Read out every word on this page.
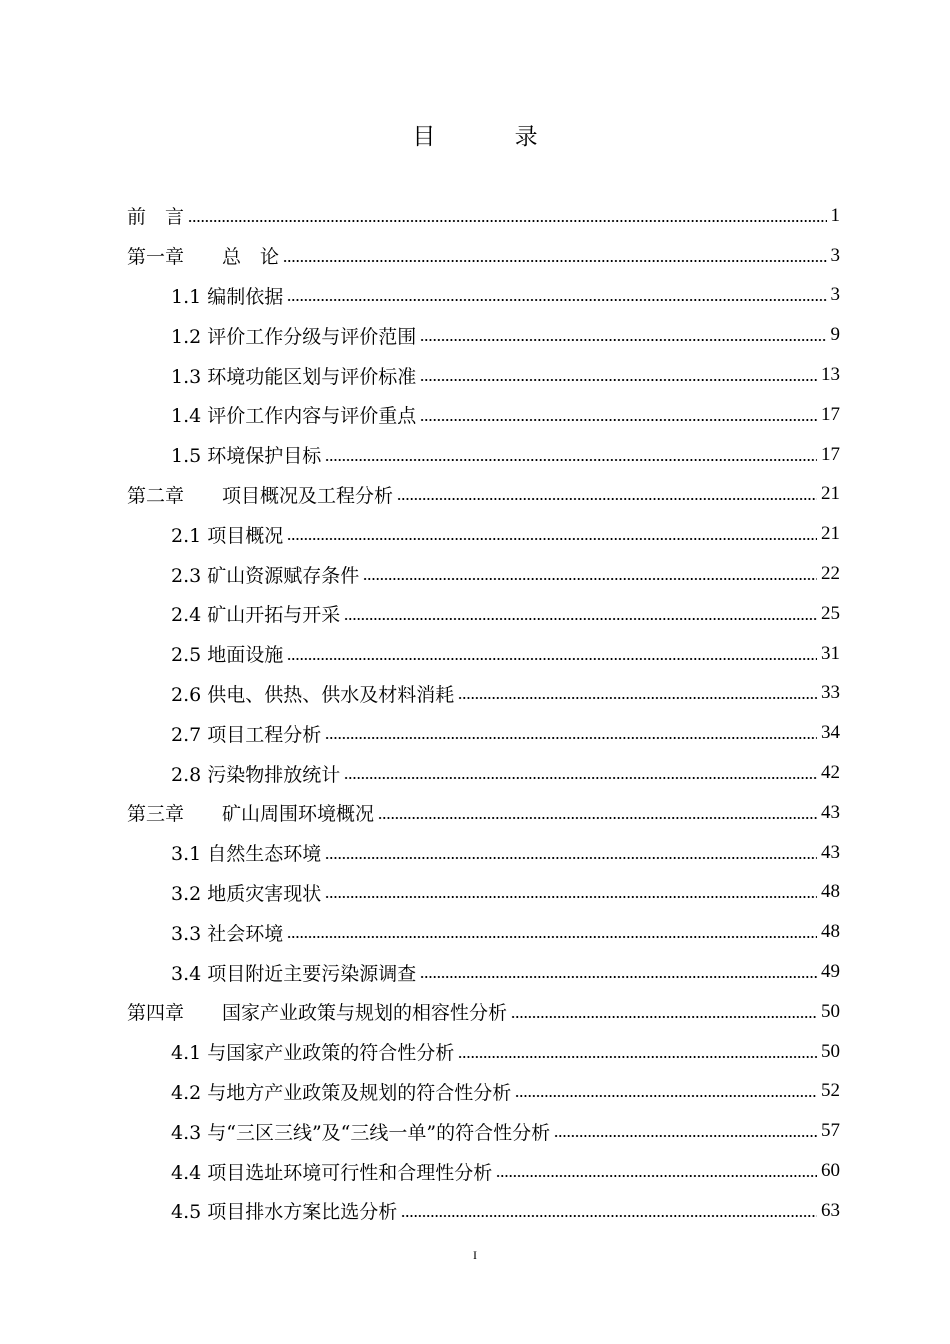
目 录
前　言	1
第一章　　总　论	3
1.1 编制依据	3
1.2 评价工作分级与评价范围	9
1.3 环境功能区划与评价标准	13
1.4 评价工作内容与评价重点	17
1.5 环境保护目标	17
第二章　　项目概况及工程分析	21
2.1 项目概况	21
2.3 矿山资源赋存条件	22
2.4 矿山开拓与开采	25
2.5 地面设施	31
2.6 供电、供热、供水及材料消耗	33
2.7 项目工程分析	34
2.8 污染物排放统计	42
第三章　　矿山周围环境概况	43
3.1 自然生态环境	43
3.2 地质灾害现状	48
3.3 社会环境	48
3.4 项目附近主要污染源调查	49
第四章　　国家产业政策与规划的相容性分析	50
4.1 与国家产业政策的符合性分析	50
4.2 与地方产业政策及规划的符合性分析	52
4.3 与“三区三线”及“三线一单”的符合性分析	57
4.4 项目选址环境可行性和合理性分析	60
4.5 项目排水方案比选分析	63
I
